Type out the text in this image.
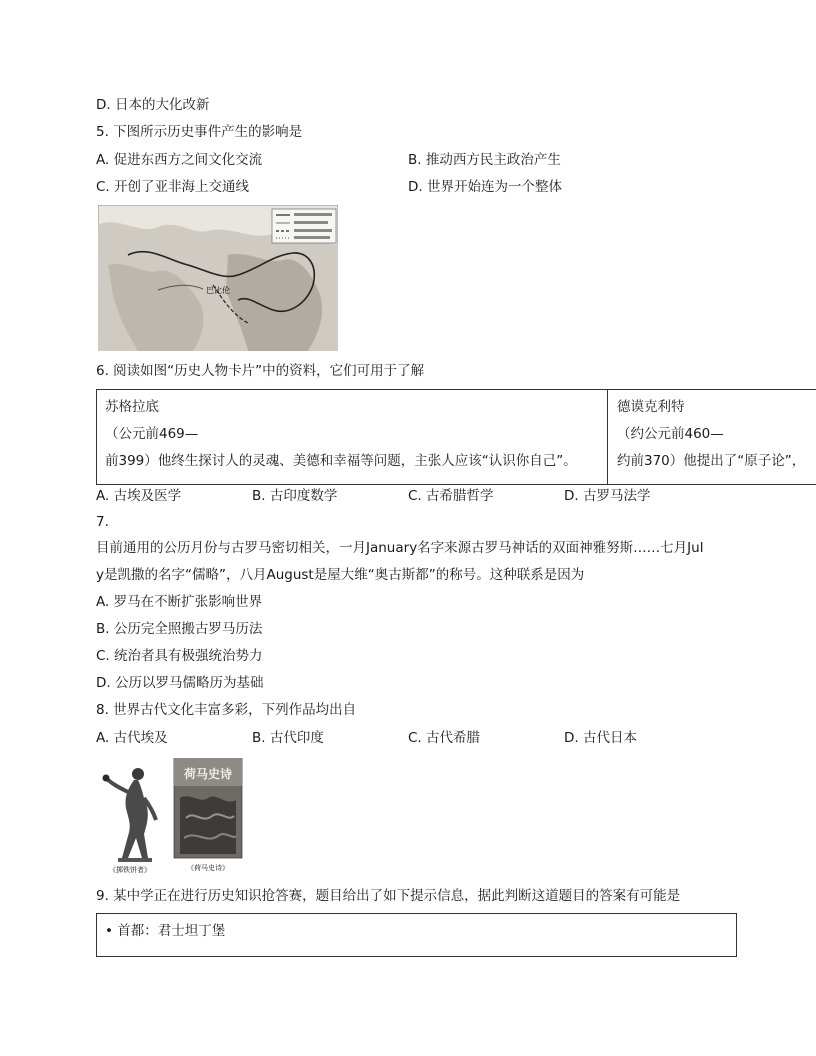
D. 日本的大化改新
5. 下图所示历史事件产生的影响是
A. 促进东西方之间文化交流	B. 推动西方民主政治产生
C. 开创了亚非海上交通线	D. 世界开始连为一个整体
巴比伦
6. 阅读如图“历史人物卡片”中的资料，它们可用于了解
苏格拉底
（公元前469—
前399）他终生探讨人的灵魂、美德和幸福等问题，主张人应该“认识你自己”。
德谟克利特
（约公元前460—
约前370）他提出了“原子论”，
A. 古埃及医学	B. 古印度数学	C. 古希腊哲学	D. 古罗马法学
7.
目前通用的公历月份与古罗马密切相关，一月January名字来源古罗马神话的双面神雅努斯……七月Jul
y是凯撒的名字“儒略”，八月August是屋大维“奥古斯都”的称号。这种联系是因为
A. 罗马在不断扩张影响世界
B. 公历完全照搬古罗马历法
C. 统治者具有极强统治势力
D. 公历以罗马儒略历为基础
8. 世界古代文化丰富多彩，下列作品均出自
A. 古代埃及	B. 古代印度	C. 古代希腊	D. 古代日本
《掷铁饼者》
荷马史诗
《荷马史诗》
9. 某中学正在进行历史知识抢答赛，题目给出了如下提示信息，据此判断这道题目的答案有可能是
• 首都：君士坦丁堡
